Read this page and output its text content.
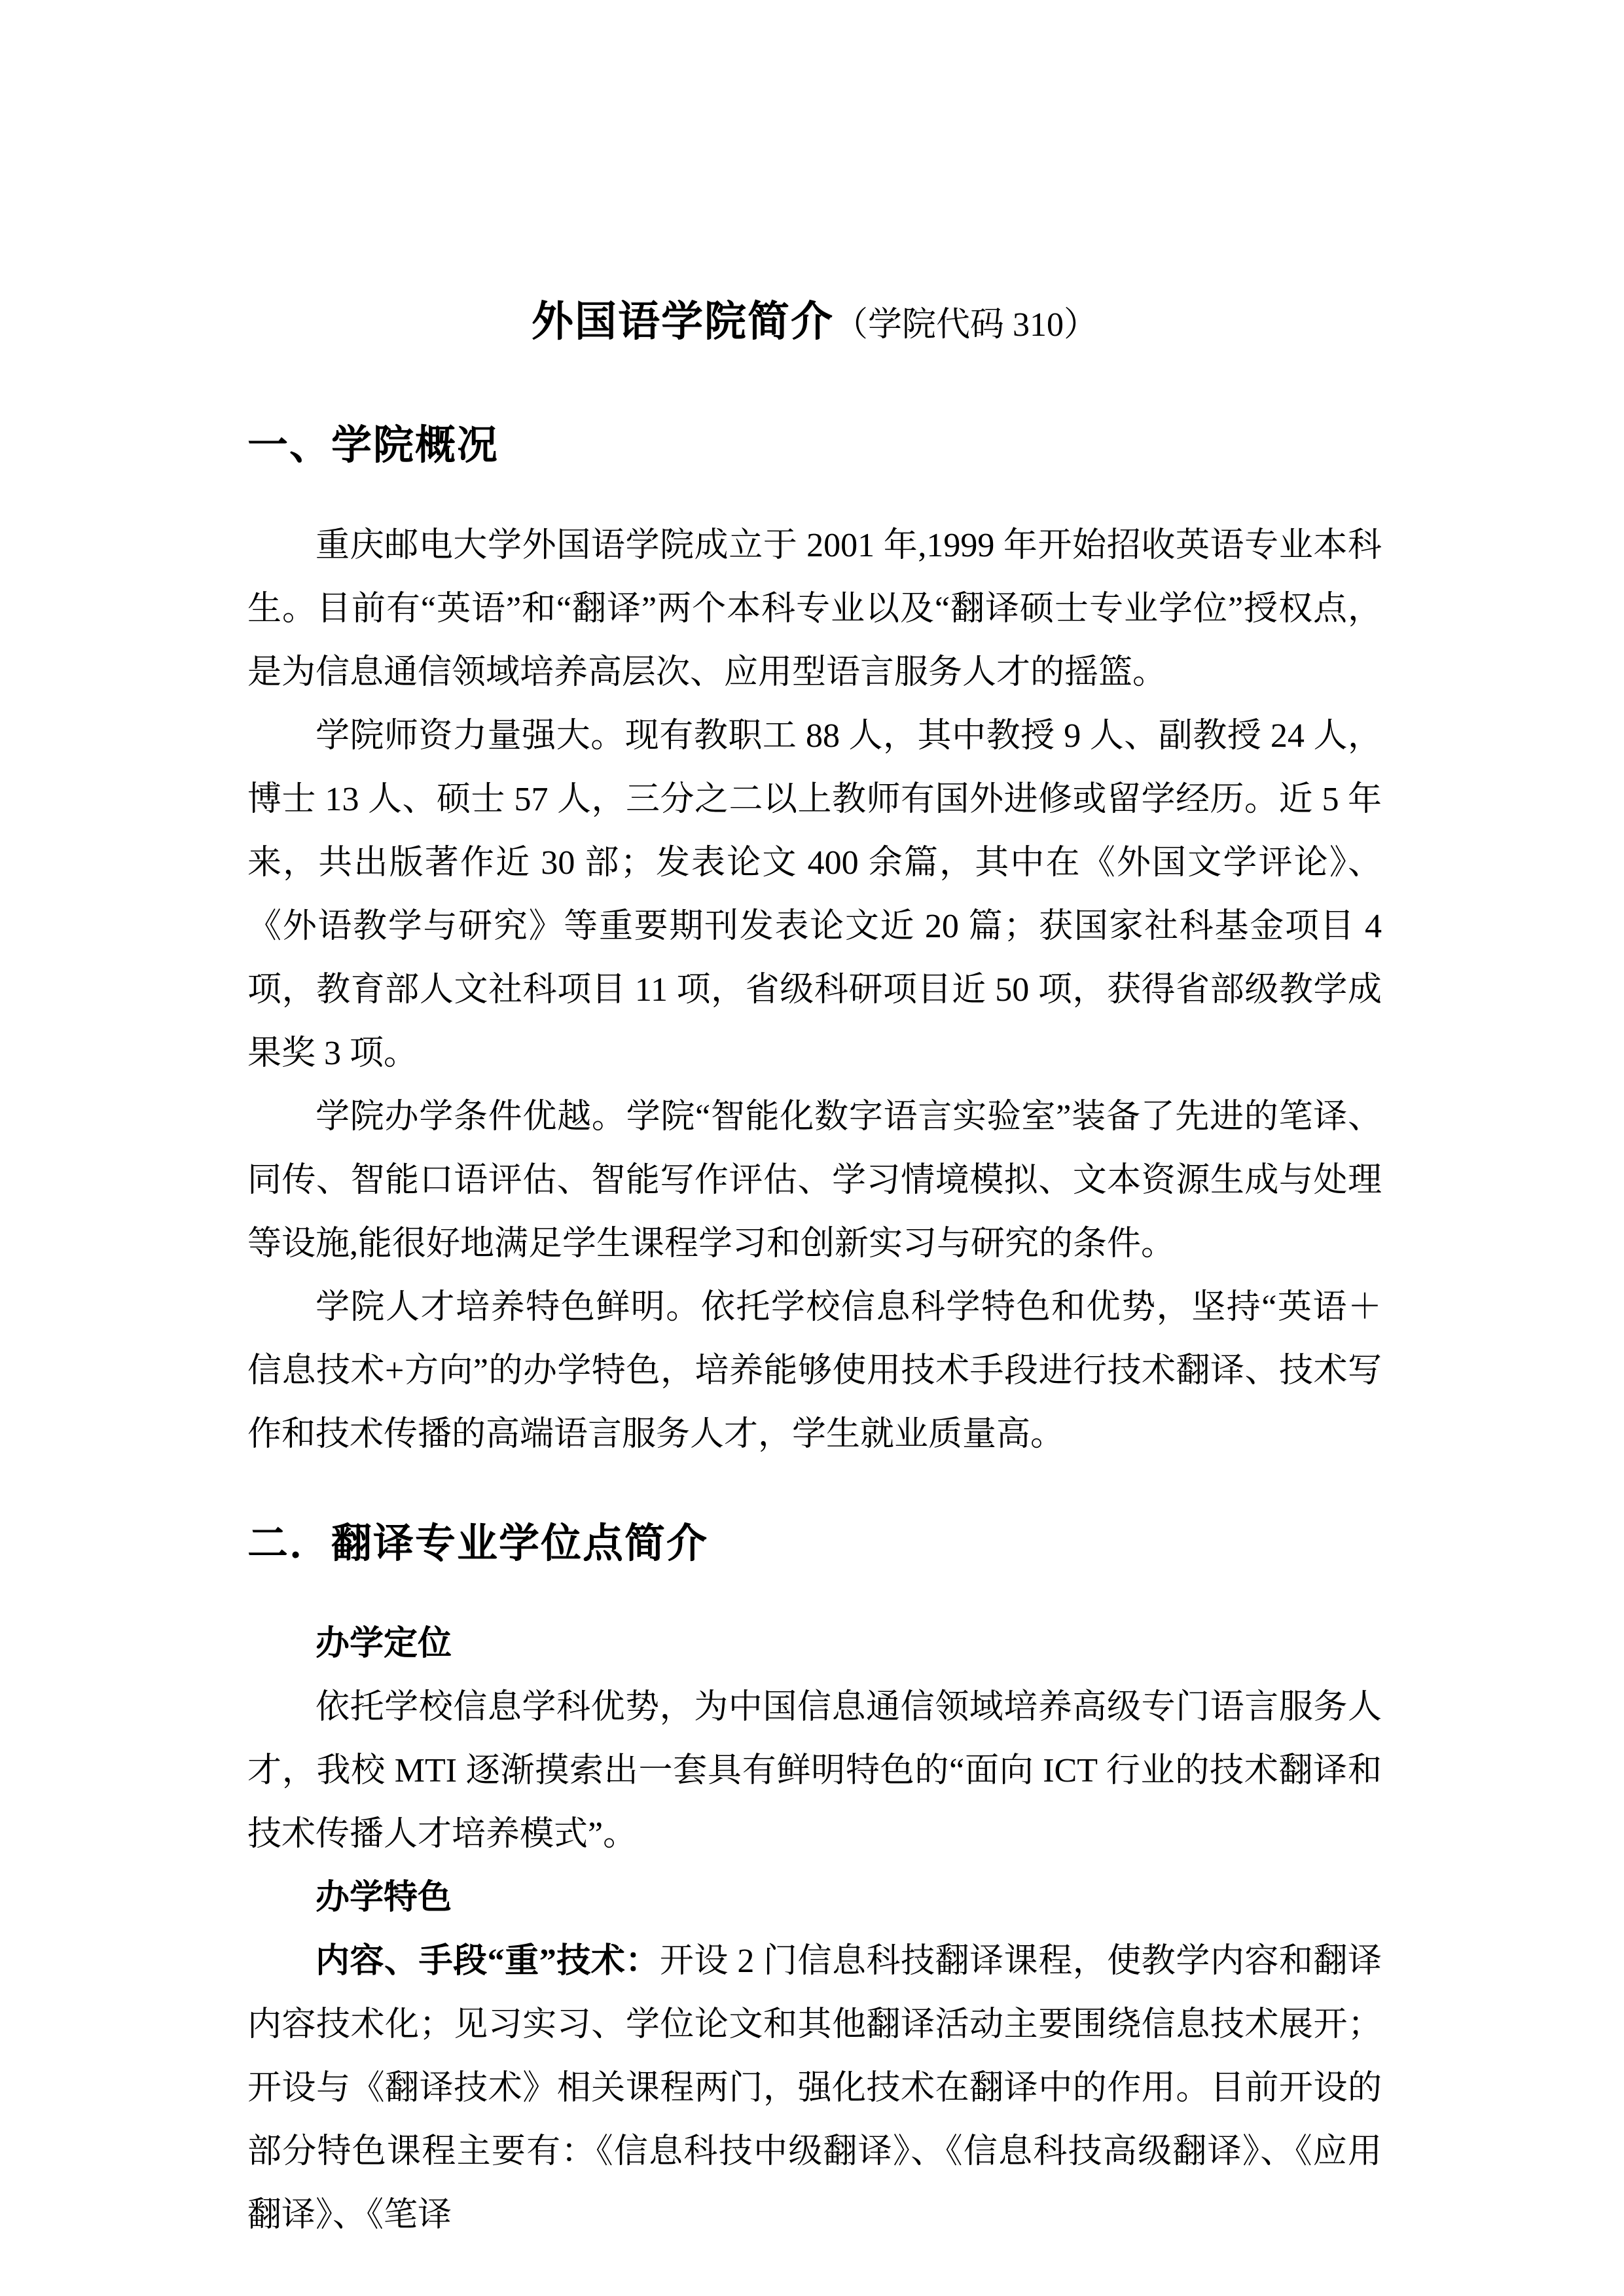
外国语学院简介（学院代码 310）
一、学院概况

重庆邮电大学外国语学院成立于 2001 年,1999 年开始招收英语专业本科生。目前有“英语”和“翻译”两个本科专业以及“翻译硕士专业学位”授权点，是为信息通信领域培养高层次、应用型语言服务人才的摇篮。

学院师资力量强大。现有教职工 88 人，其中教授 9 人、副教授 24 人，博士 13 人、硕士 57 人，三分之二以上教师有国外进修或留学经历。近 5 年来，共出版著作近 30 部；发表论文 400 余篇，其中在《外国文学评论》、《外语教学与研究》等重要期刊发表论文近 20 篇；获国家社科基金项目 4 项，教育部人文社科项目 11 项，省级科研项目近 50 项，获得省部级教学成果奖 3 项。

学院办学条件优越。学院“智能化数字语言实验室”装备了先进的笔译、同传、智能口语评估、智能写作评估、学习情境模拟、文本资源生成与处理等设施,能很好地满足学生课程学习和创新实习与研究的条件。

学院人才培养特色鲜明。依托学校信息科学特色和优势，坚持“英语＋信息技术+方向”的办学特色，培养能够使用技术手段进行技术翻译、技术写作和技术传播的高端语言服务人才，学生就业质量高。

二．翻译专业学位点简介

办学定位

依托学校信息学科优势，为中国信息通信领域培养高级专门语言服务人才，我校 MTI 逐渐摸索出一套具有鲜明特色的“面向 ICT 行业的技术翻译和技术传播人才培养模式”。

办学特色

内容、手段“重”技术：开设 2 门信息科技翻译课程，使教学内容和翻译内容技术化；见习实习、学位论文和其他翻译活动主要围绕信息技术展开；开设与《翻译技术》相关课程两门，强化技术在翻译中的作用。目前开设的部分特色课程主要有：《信息科技中级翻译》、《信息科技高级翻译》、《应用翻译》、《笔译
